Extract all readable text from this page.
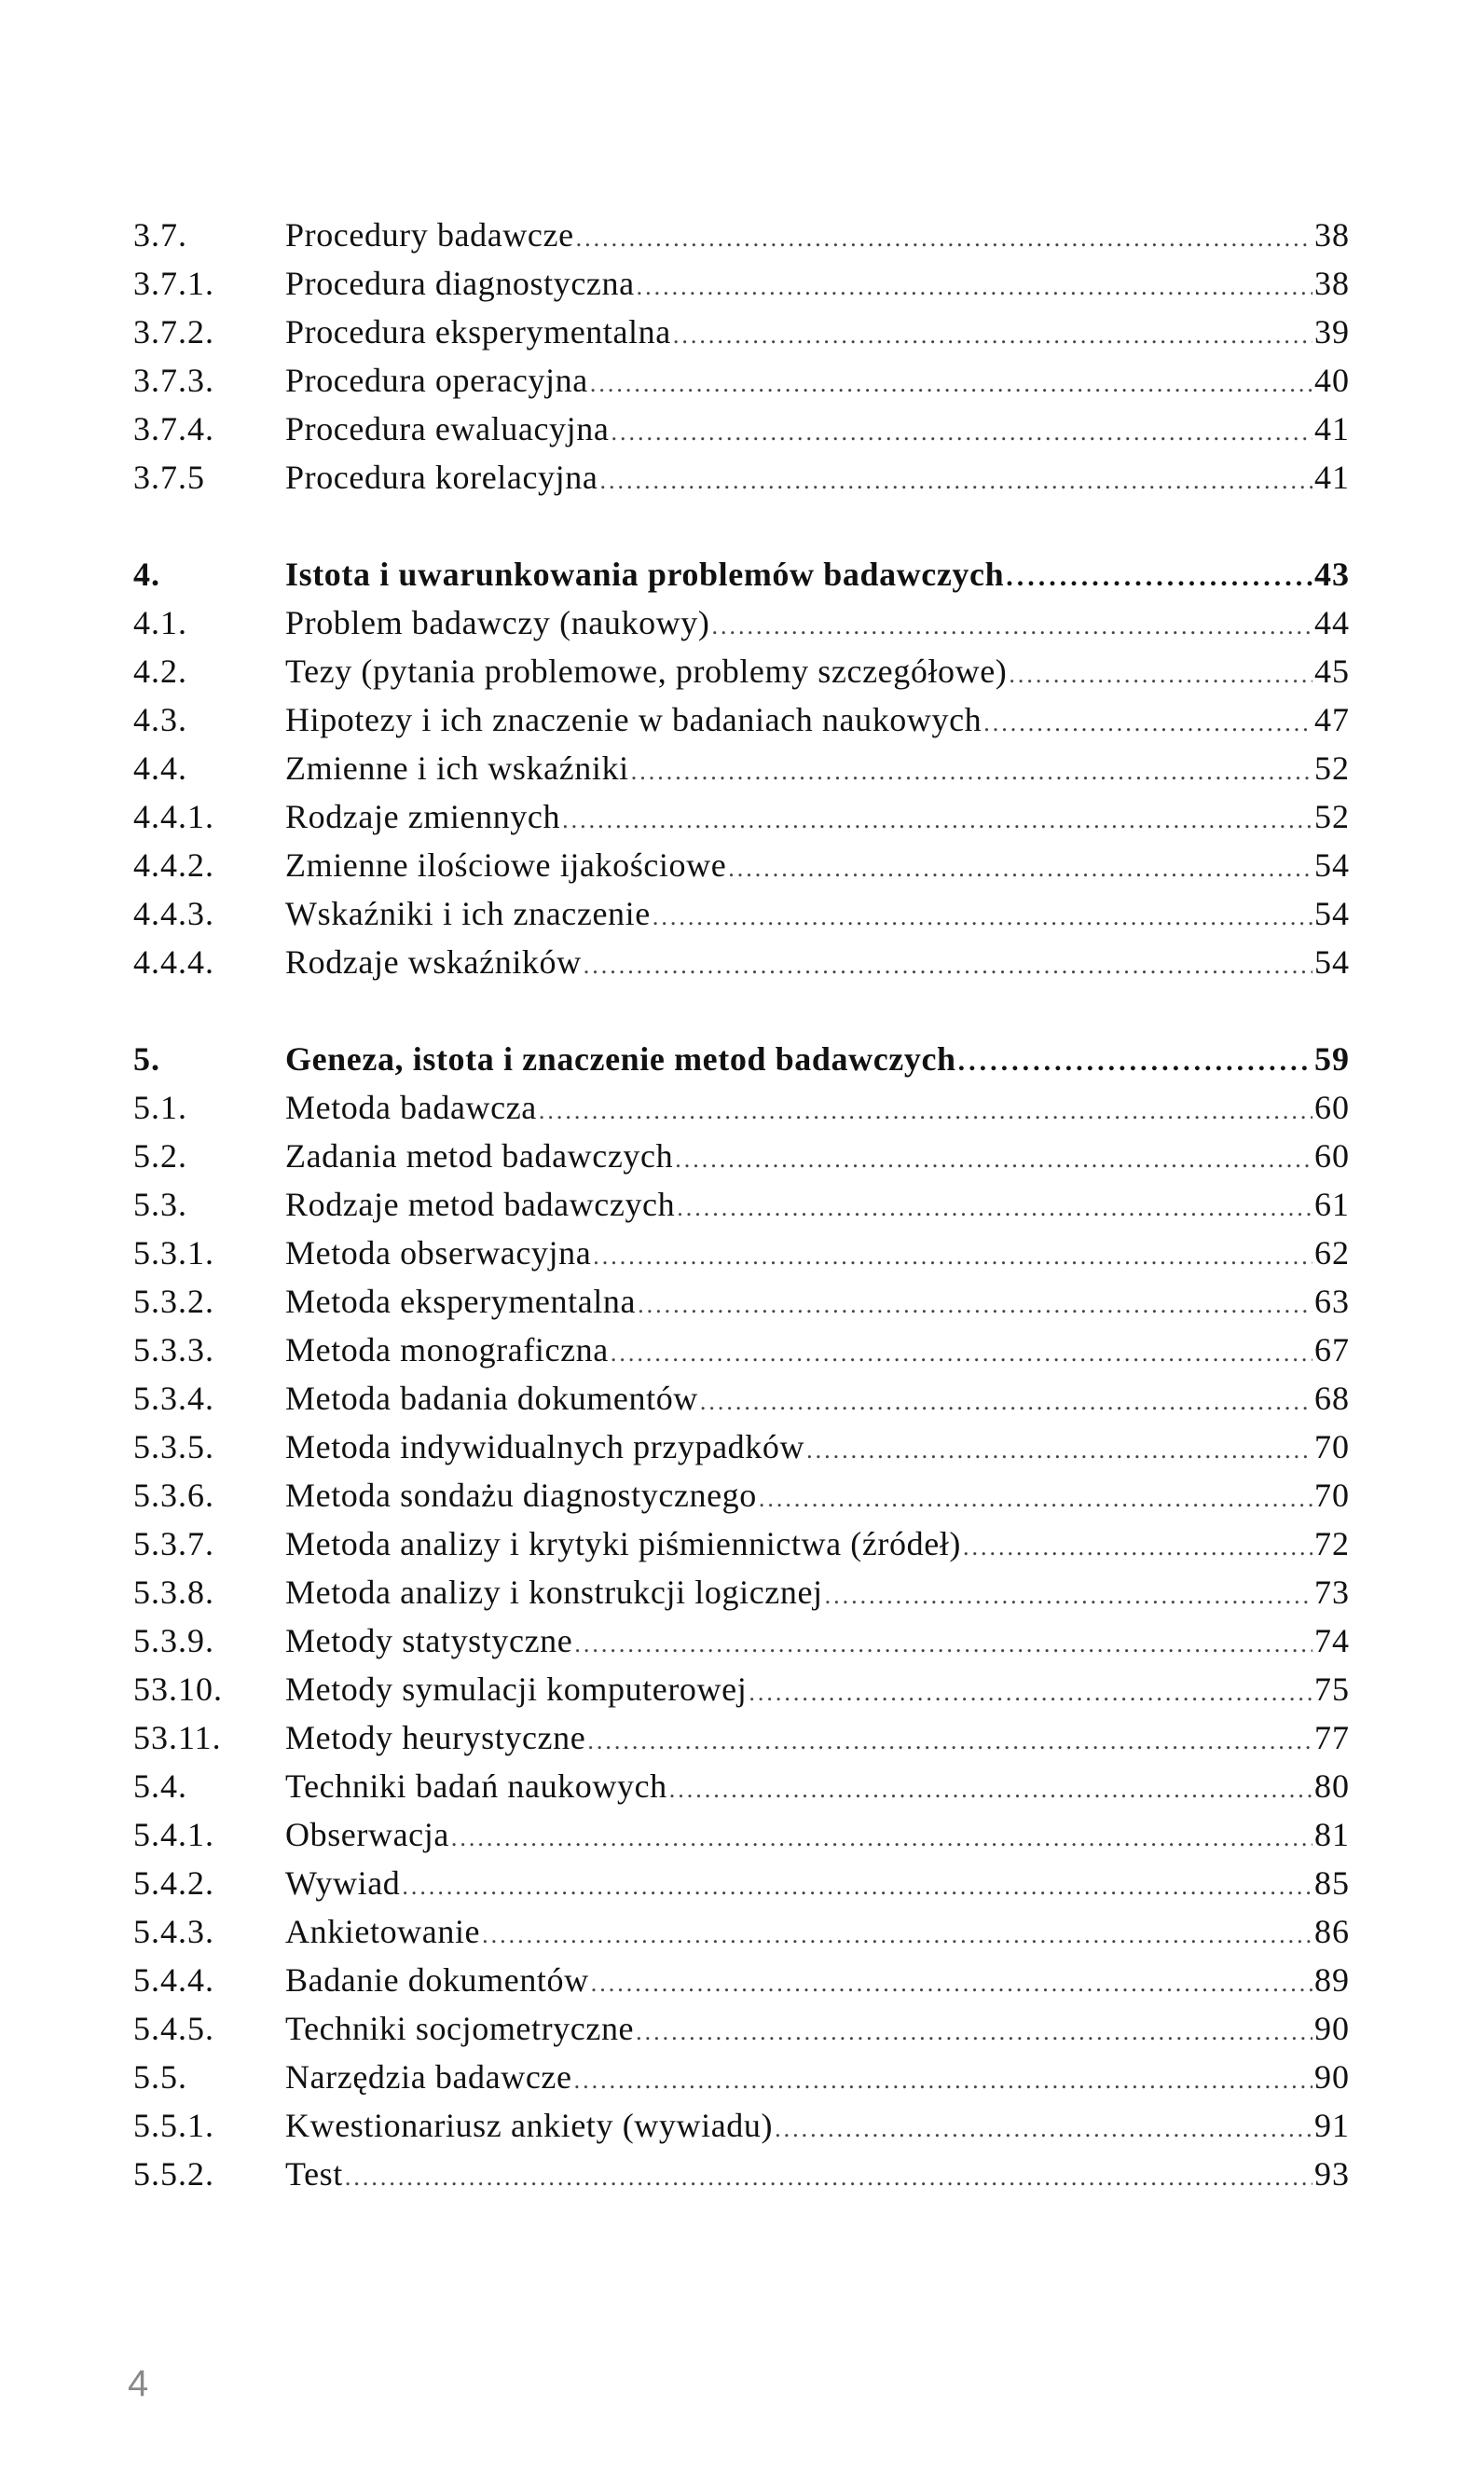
3.7.	Procedury badawcze .....	38
3.7.1. Procedura diagnostyczna .....	38
3.7.2. Procedura eksperymentalna .....	39
3.7.3. Procedura operacyjna .....	40
3.7.4. Procedura ewaluacyjna .....	41
3.7.5 Procedura korelacyjna .....	41
4.	Istota i uwarunkowania problemów badawczych .....	43
4.1.	Problem badawczy (naukowy) .....	44
4.2.	Tezy (pytania problemowe, problemy szczegółowe) .....	45
4.3.	Hipotezy i ich znaczenie w badaniach naukowych .....	47
4.4.	Zmienne i ich wskaźniki .....	52
4.4.1. Rodzaje zmiennych .....	52
4.4.2. Zmienne ilościowe ijakościowe .....	54
4.4.3. Wskaźniki i ich znaczenie .....	54
4.4.4. Rodzaje wskaźników .....	54
5.	Geneza, istota i znaczenie metod badawczych .....	59
5.1.	Metoda badawcza .....	60
5.2.	Zadania metod badawczych .....	60
5.3.	Rodzaje metod badawczych .....	61
5.3.1. Metoda obserwacyjna .....	62
5.3.2. Metoda eksperymentalna .....	63
5.3.3. Metoda monograficzna .....	67
5.3.4. Metoda badania dokumentów .....	68
5.3.5. Metoda indywidualnych przypadków .....	70
5.3.6. Metoda sondażu diagnostycznego .....	70
5.3.7. Metoda analizy i krytyki piśmiennictwa (źródeł) .....	72
5.3.8. Metoda analizy i konstrukcji logicznej .....	73
5.3.9. Metody statystyczne .....	74
53.10. Metody symulacji komputerowej .....	75
53.11. Metody heurystyczne .....	77
5.4.	Techniki badań naukowych .....	80
5.4.1. Obserwacja .....	81
5.4.2. Wywiad .....	85
5.4.3. Ankietowanie .....	86
5.4.4. Badanie dokumentów .....	89
5.4.5. Techniki socjometryczne .....	90
5.5.	Narzędzia badawcze .....	90
5.5.1. Kwestionariusz ankiety (wywiadu) .....	91
5.5.2. Test .....	93
4
